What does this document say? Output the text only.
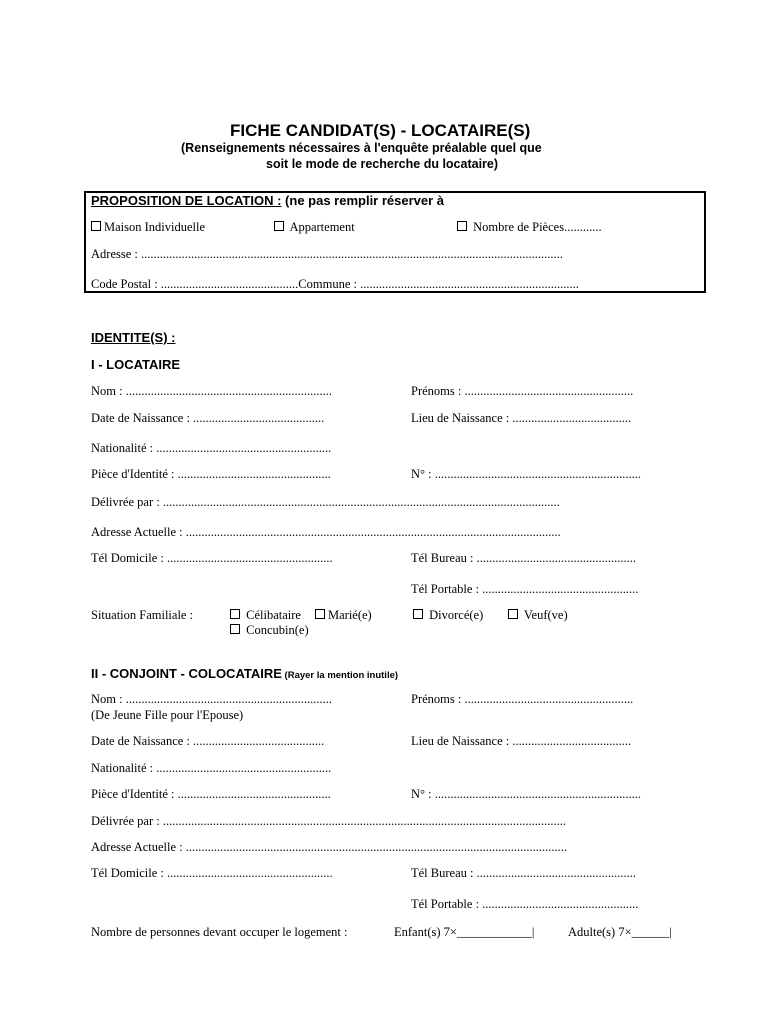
FICHE CANDIDAT(S) - LOCATAIRE(S)
(Renseignements nécessaires à l'enquête préalable quel que
soit le mode de recherche du locataire)
PROPOSITION DE LOCATION : (ne pas remplir réserver à
Maison Individuelle	Appartement	Nombre de Pièces............
Adresse : .......................................................................................................................................
Code Postal : ............................................Commune : ......................................................................
IDENTITE(S) :
I - LOCATAIRE
Nom : ..................................................................	Prénoms : ......................................................
Date de Naissance : ..........................................	Lieu de Naissance : ......................................
Nationalité : ........................................................
Pièce d'Identité : .................................................	N° : ..................................................................
Délivrée par : ...............................................................................................................................
Adresse Actuelle : ........................................................................................................................
Tél Domicile : .....................................................	Tél Bureau : ...................................................
Tél Portable : ..................................................
Situation Familiale :	Célibataire	Marié(e)	Divorcé(e)	Veuf(ve)
Concubin(e)
II - CONJOINT - COLOCATAIRE (Rayer la mention inutile)
Nom : ..................................................................	Prénoms : ......................................................
(De Jeune Fille pour l'Epouse)
Date de Naissance : ..........................................	Lieu de Naissance : ......................................
Nationalité : ........................................................
Pièce d'Identité : .................................................	N° : ..................................................................
Délivrée par : .................................................................................................................................
Adresse Actuelle : ..........................................................................................................................
Tél Domicile : .....................................................	Tél Bureau : ...................................................
Tél Portable : ..................................................
Nombre de personnes devant occuper le logement :	Enfant(s) 7×____________|	Adulte(s) 7×______|
